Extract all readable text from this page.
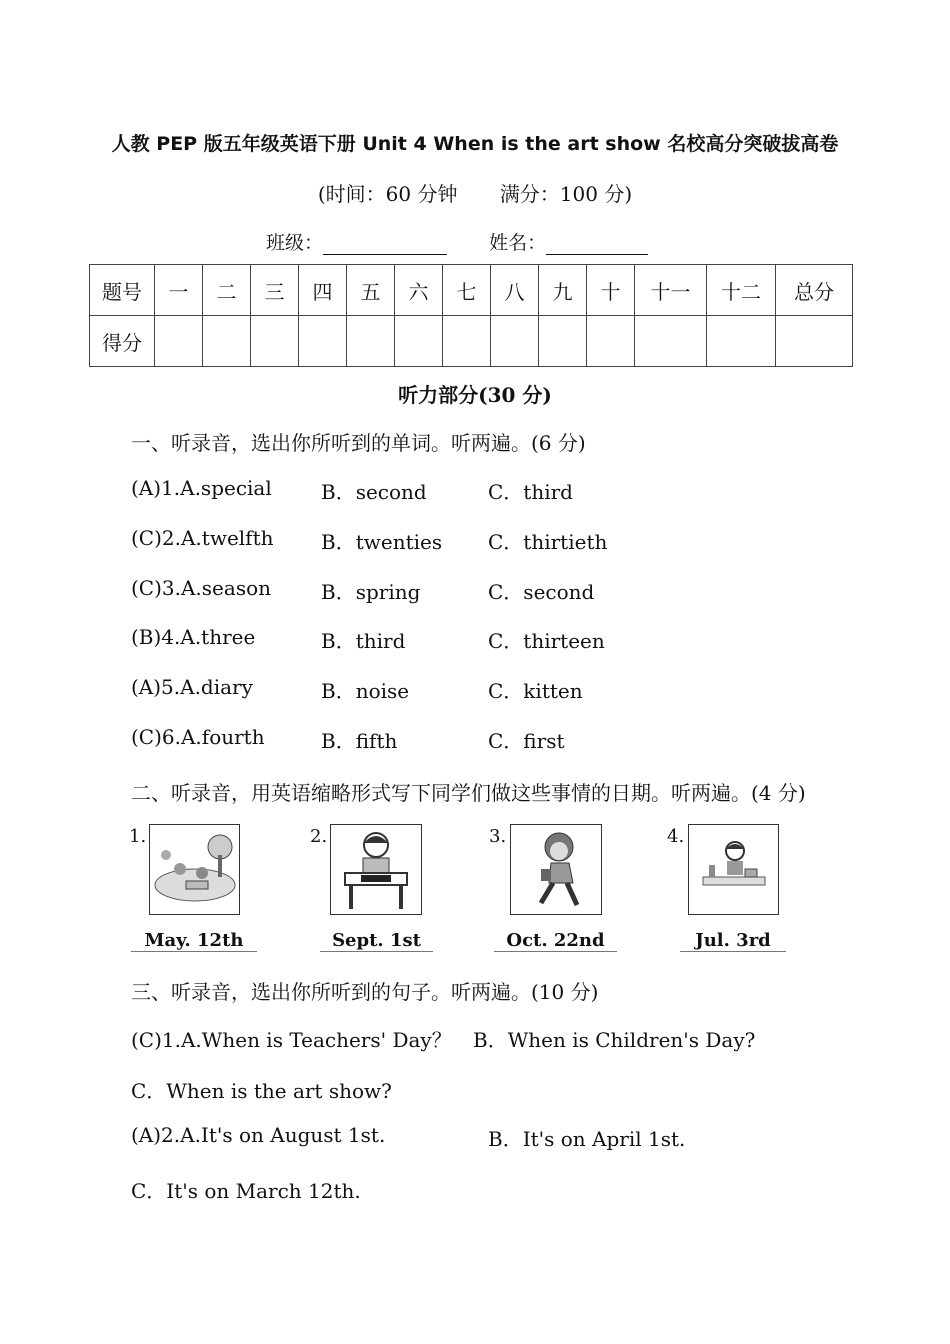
人教 PEP 版五年级英语下册 Unit 4 When is the art show 名校高分突破拔高卷
(时间：60 分钟 满分：100 分)
班级：	姓名：
题号	一	二	三	四	五	六	七	八	九	十	十一	十二	总分
得分													
听力部分(30 分)
一、听录音，选出你所听到的单词。听两遍。(6 分)
(A)1.A.special B．second	C．third
(C)2.A.twelfth B．twenties C．thirtieth
(C)3.A.season	B．spring	C．second
(B)4.A.three	B．third	C．thirteen
(A)5.A.diary	B．noise	C．kitten
(C)6.A.fourth	B．fifth	C．first
二、听录音，用英语缩略形式写下同学们做这些事情的日期。听两遍。(4 分)
1.
May. 12th
2.
Sept. 1st
3.
Oct. 22nd
4.
Jul. 3rd
三、听录音，选出你所听到的句子。听两遍。(10 分)
(C)1.A.When is Teachers' Day？ B．When is Children's Day?
C．When is the art show?
(A)2.A.It's on August 1st.	B．It's on April 1st.
C．It's on March 12th.
